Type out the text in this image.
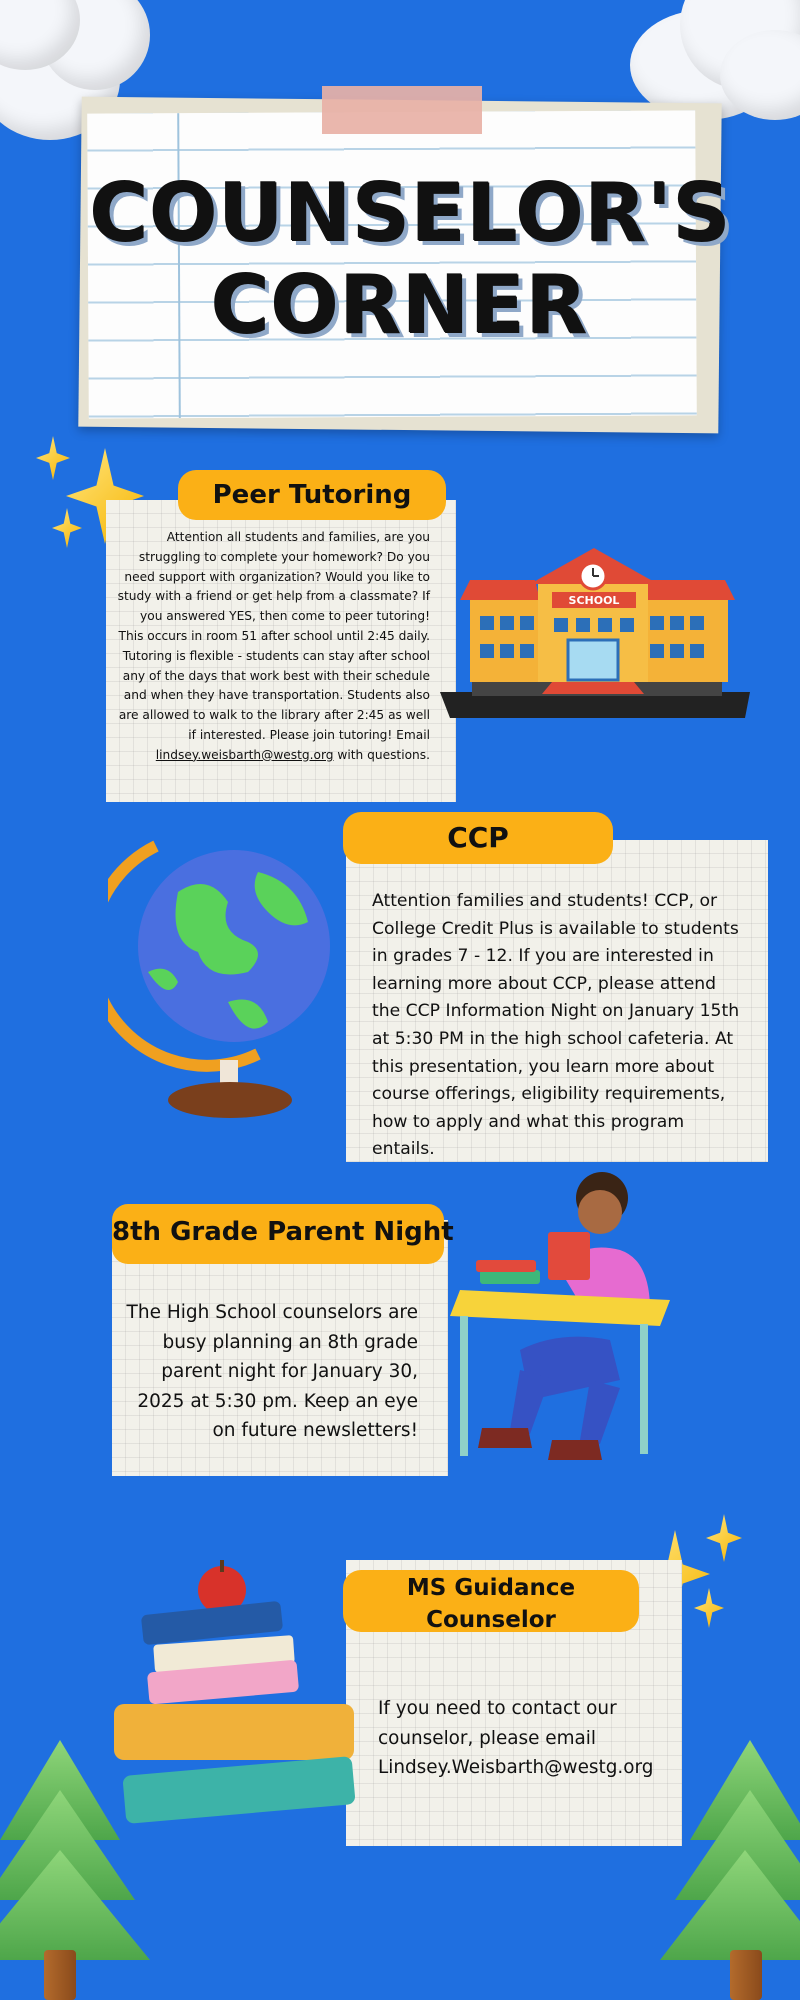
COUNSELOR'S
CORNER
Peer Tutoring
Attention all students and families, are you struggling to complete your homework? Do you need support with organization? Would you like to study with a friend or get help from a classmate? If you answered YES, then come to peer tutoring! This occurs in room 51 after school until 2:45 daily. Tutoring is flexible - students can stay after school any of the days that work best with their schedule and when they have transportation. Students also are allowed to walk to the library after 2:45 as well if interested. Please join tutoring! Email lindsey.weisbarth@westg.org with questions.
SCHOOL
CCP
Attention families and students! CCP, or College Credit Plus is available to students in grades 7 - 12. If you are interested in learning more about CCP, please attend the CCP Information Night on January 15th at 5:30 PM in the high school cafeteria. At this presentation, you learn more about course offerings, eligibility requirements, how to apply and what this program entails.
8th Grade Parent Night
The High School counselors are busy planning an 8th grade parent night for January 30, 2025 at 5:30 pm. Keep an eye on future newsletters!
MS Guidance
Counselor
If you need to contact our counselor, please email Lindsey.Weisbarth@westg.org
